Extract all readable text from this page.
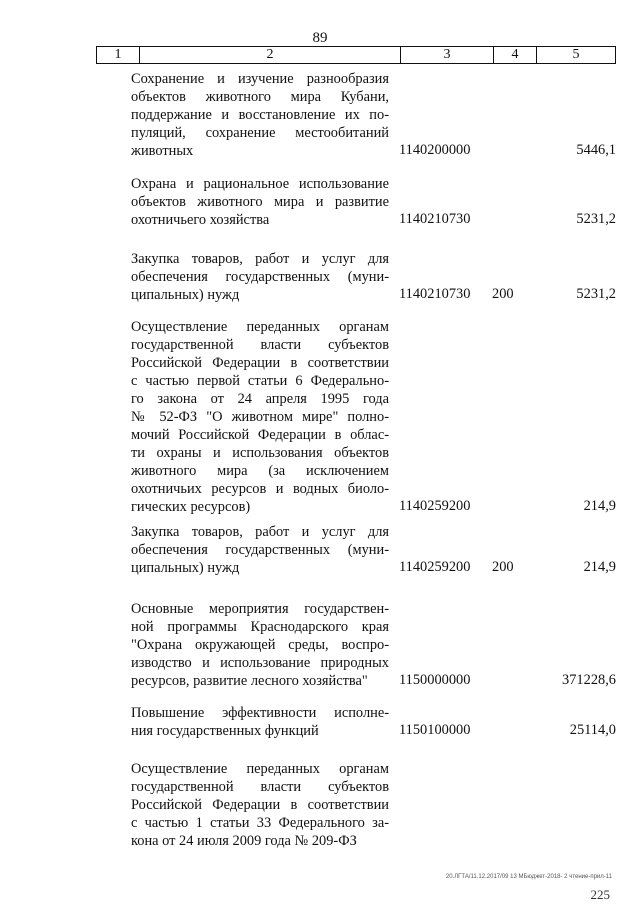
89
1	2	3	4	5
Сохранение и изучение разнообразия
объектов животного мира Кубани,
поддержание и восстановление их по-
пуляций, сохранение местообитаний
животных	1140200000	5446,1
Охрана и рациональное использование
объектов животного мира и развитие
охотничьего хозяйства	1140210730	5231,2
Закупка товаров, работ и услуг для
обеспечения государственных (муни-
ципальных) нужд	1140210730 200	5231,2
Осуществление переданных органам
государственной власти субъектов
Российской Федерации в соответствии
с частью первой статьи 6 Федерально-
го закона от 24 апреля 1995 года
№ 52-ФЗ "О животном мире" полно-
мочий Российской Федерации в облас-
ти охраны и использования объектов
животного мира (за исключением
охотничьих ресурсов и водных биоло-
гических ресурсов)	1140259200	214,9
Закупка товаров, работ и услуг для
обеспечения государственных (муни-
ципальных) нужд	1140259200 200	214,9
Основные мероприятия государствен-
ной программы Краснодарского края
"Охрана окружающей среды, воспро-
изводство и использование природных
ресурсов, развитие лесного хозяйства"	1150000000	371228,6
Повышение эффективности исполне-
ния государственных функций	1150100000	25114,0
Осуществление переданных органам
государственной власти субъектов
Российской Федерации в соответствии
с частью 1 статьи 33 Федерального за-
кона от 24 июля 2009 года № 209-ФЗ
20.ЛГТА/11.12.2017/09 13 МБюджет-2018- 2 чтение-прил-11
225
